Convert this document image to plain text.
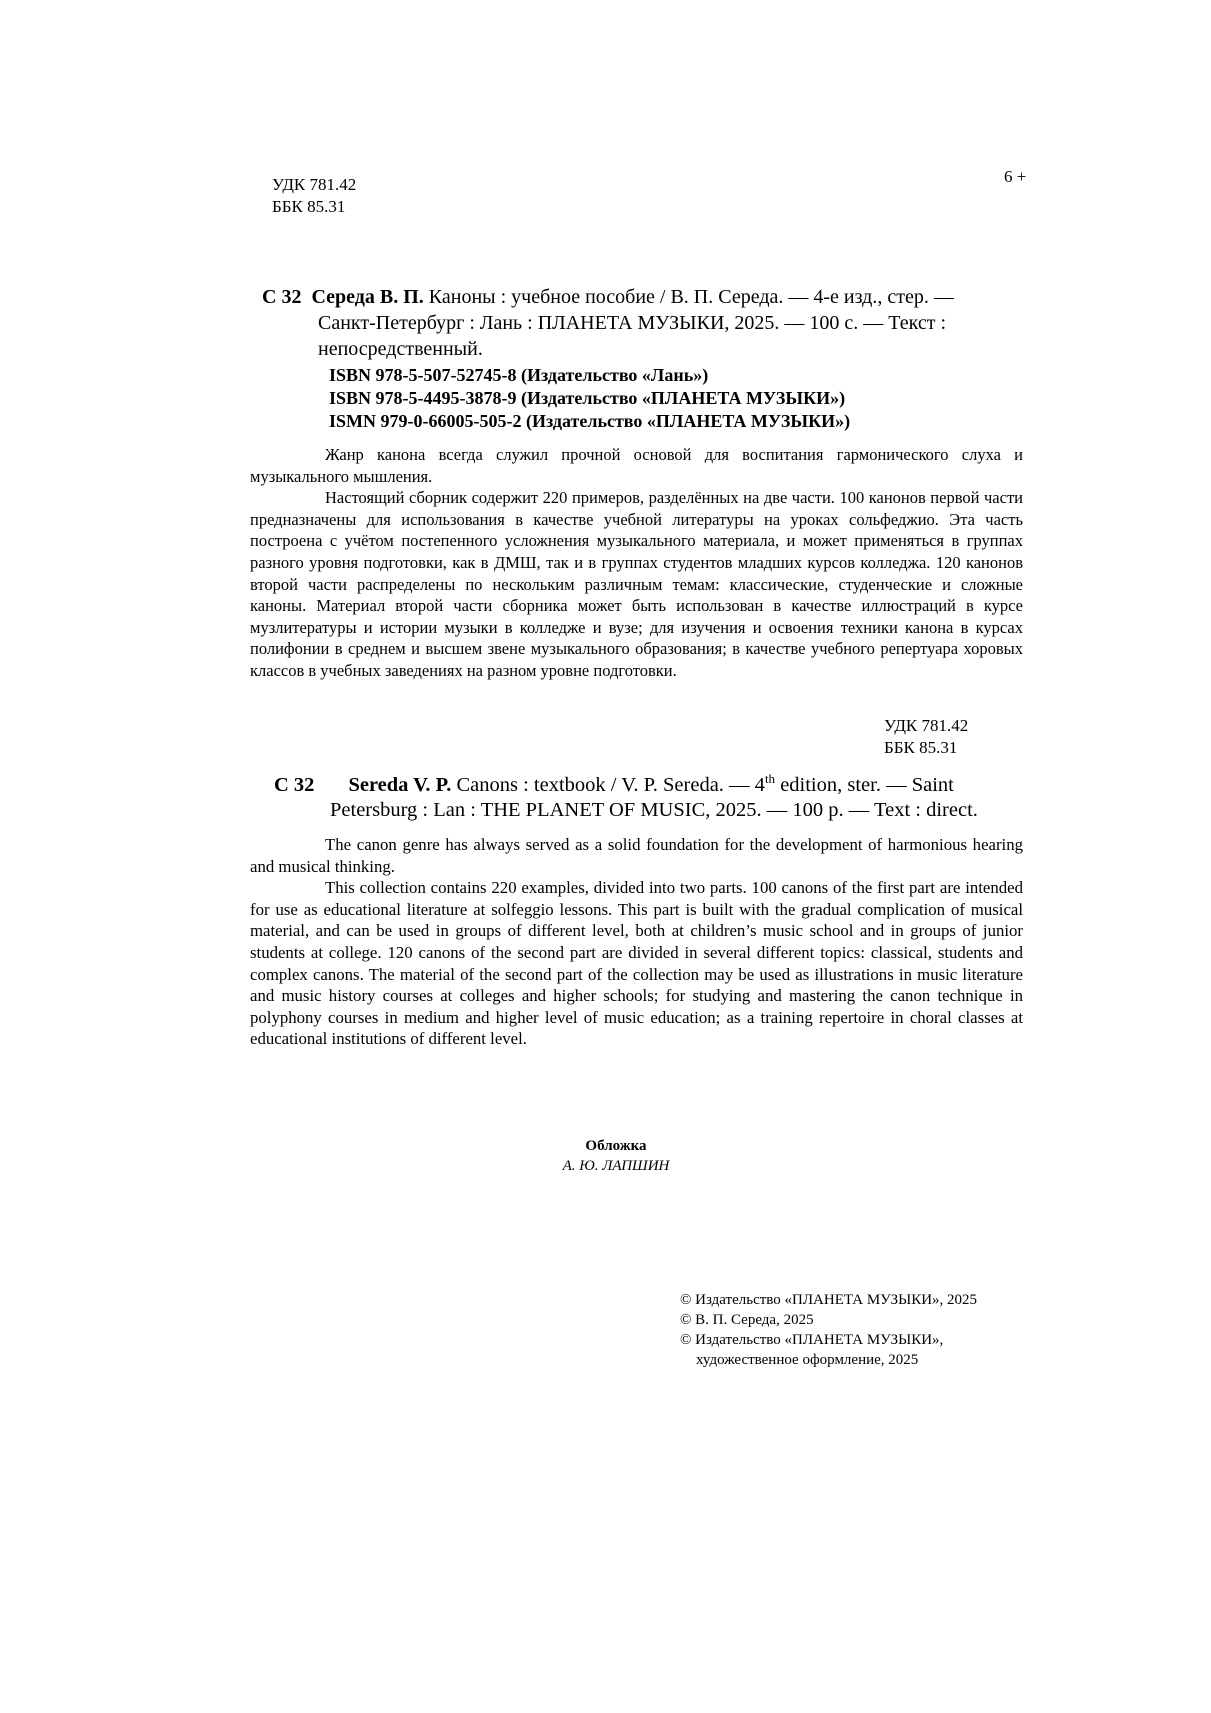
УДК 781.42
ББК 85.31
6 +
С 32 Середа В. П. Каноны : учебное пособие / В. П. Середа. — 4-е изд., стер. —
Санкт-Петербург : Лань : ПЛАНЕТА МУЗЫКИ, 2025. — 100 с. — Текст :
непосредственный.
ISBN 978-5-507-52745-8 (Издательство «Лань»)
ISBN 978-5-4495-3878-9 (Издательство «ПЛАНЕТА МУЗЫКИ»)
ISMN 979-0-66005-505-2 (Издательство «ПЛАНЕТА МУЗЫКИ»)

Жанр канона всегда служил прочной основой для воспитания гармонического слуха и музыкального мышления.

Настоящий сборник содержит 220 примеров, разделённых на две части. 100 канонов первой части предназначены для использования в качестве учебной литературы на уроках сольфеджио. Эта часть построена с учётом постепенного усложнения музыкального материала, и может применяться в группах разного уровня подготовки, как в ДМШ, так и в группах студентов младших курсов колледжа. 120 канонов второй части распределены по нескольким различным темам: классические, студенческие и сложные каноны. Материал второй части сборника может быть использован в качестве иллюстраций в курсе музлитературы и истории музыки в колледже и вузе; для изучения и освоения техники канона в курсах полифонии в среднем и высшем звене музыкального образования; в качестве учебного репертуара хоровых классов в учебных заведениях на разном уровне подготовки.

УДК 781.42
ББК 85.31
С 32 Sereda V. P. Canons : textbook / V. P. Sereda. — 4th edition, ster. — Saint
Petersburg : Lan : THE PLANET OF MUSIC, 2025. — 100 p. — Text : direct.

The canon genre has always served as a solid foundation for the development of harmonious hearing and musical thinking.

This collection contains 220 examples, divided into two parts. 100 canons of the first part are intended for use as educational literature at solfeggio lessons. This part is built with the gradual complication of musical material, and can be used in groups of different level, both at children’s music school and in groups of junior students at college. 120 canons of the second part are divided in several different topics: classical, students and complex canons. The material of the second part of the collection may be used as illustrations in music literature and music history courses at colleges and higher schools; for studying and mastering the canon technique in polyphony courses in medium and higher level of music education; as a training repertoire in choral classes at educational institutions of different level.

Обложка
А. Ю. ЛАПШИН
© Издательство «ПЛАНЕТА МУЗЫКИ», 2025
© В. П. Середа, 2025
© Издательство «ПЛАНЕТА МУЗЫКИ»,
художественное оформление, 2025
